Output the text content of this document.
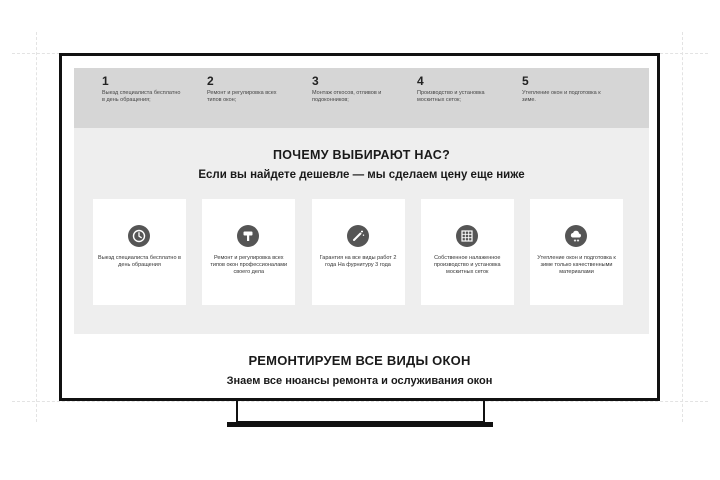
1
Выезд специалиста бесплатно в день обращения;
2
Ремонт и регулировка всех типов окон;
3
Монтаж откосов, отливов и подоконников;
4
Производство и установка москитных сеток;
5
Утепление окон и подготовка к зиме.
ПОЧЕМУ ВЫБИРАЮТ НАС?
Если вы найдете дешевле — мы сделаем цену еще ниже
Выезд специалиста бесплатно в день обращения
Ремонт и регулировка всех типов окон профессионалами своего дела
Гарантия на все виды работ 2 года На фурнитуру 3 года
Собственное налаженное производство и установка москитных сеток
Утепление окон и подготовка к зиме только качественными материалами
РЕМОНТИРУЕМ ВСЕ ВИДЫ ОКОН
Знаем все нюансы ремонта и ослуживания окон
